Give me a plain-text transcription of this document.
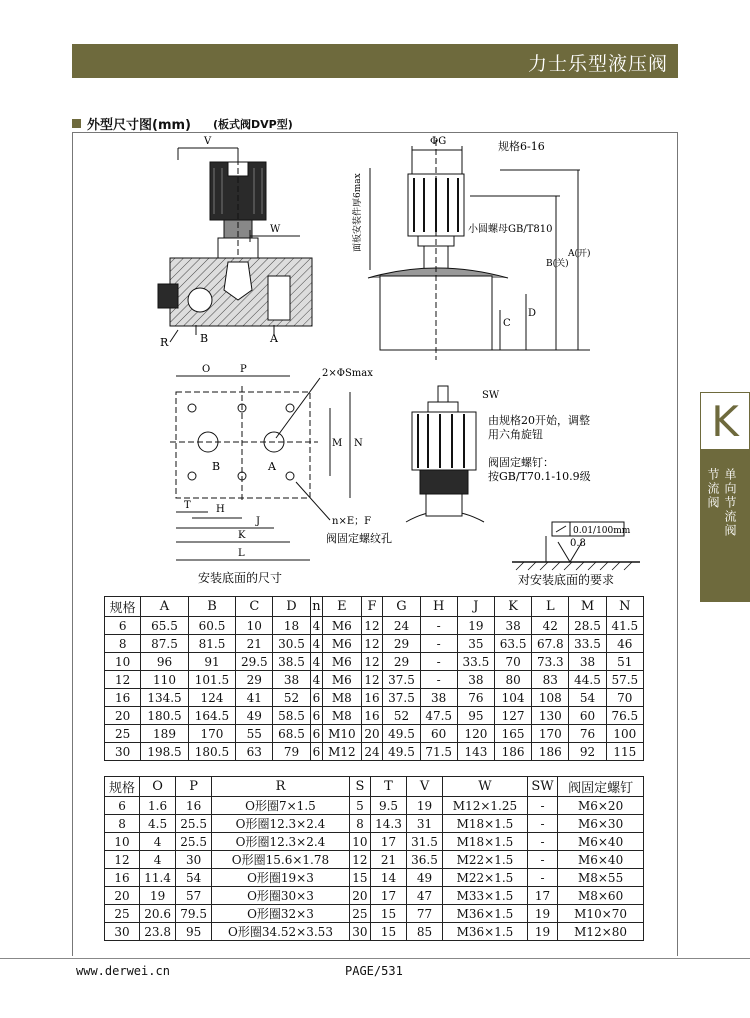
力士乐型液压阀
外型尺寸图(mm) (板式阀DVP型)
K
单向节流阀
节流阀
V
W
R	B	A
ΦG	规格6-16
面板安装件厚6max	小圆螺母GB/T810
B(关)
A(开)
C
D
O	P	2×ΦSmax
M N
B	A
T	H
J
K
L
n×E；F
阀固定螺纹孔
安装底面的尺寸
SW
由规格20开始，调整
用六角旋钮
阀固定螺钉：
按GB/T70.1-10.9级
0.01/100mm
0.8
对安装底面的要求
规格	A	B	C	D	n	E	F	G	H	J	K	L	M	N
6	65.5	60.5	10	18	4	M6	12	24	-	19	38	42	28.5	41.5
8	87.5	81.5	21	30.5	4	M6	12	29	-	35	63.5	67.8	33.5	46
10	96	91	29.5	38.5	4	M6	12	29	-	33.5	70	73.3	38	51
12	110	101.5	29	38	4	M6	12	37.5	-	38	80	83	44.5	57.5
16	134.5	124	41	52	6	M8	16	37.5	38	76	104	108	54	70
20	180.5	164.5	49	58.5	6	M8	16	52	47.5	95	127	130	60	76.5
25	189	170	55	68.5	6	M10	20	49.5	60	120	165	170	76	100
30	198.5	180.5	63	79	6	M12	24	49.5	71.5	143	186	186	92	115
规格	O	P	R	S	T	V	W	SW	阀固定螺钉
6	1.6	16	O形圈7×1.5	5	9.5	19	M12×1.25	-	M6×20
8	4.5	25.5	O形圈12.3×2.4	8	14.3	31	M18×1.5	-	M6×30
10	4	25.5	O形圈12.3×2.4	10	17	31.5	M18×1.5	-	M6×40
12	4	30	O形圈15.6×1.78	12	21	36.5	M22×1.5	-	M6×40
16	11.4	54	O形圈19×3	15	14	49	M22×1.5	-	M8×55
20	19	57	O形圈30×3	20	17	47	M33×1.5	17	M8×60
25	20.6	79.5	O形圈32×3	25	15	77	M36×1.5	19	M10×70
30	23.8	95	O形圈34.52×3.53	30	15	85	M36×1.5	19	M12×80
www.derwei.cn	PAGE/531
